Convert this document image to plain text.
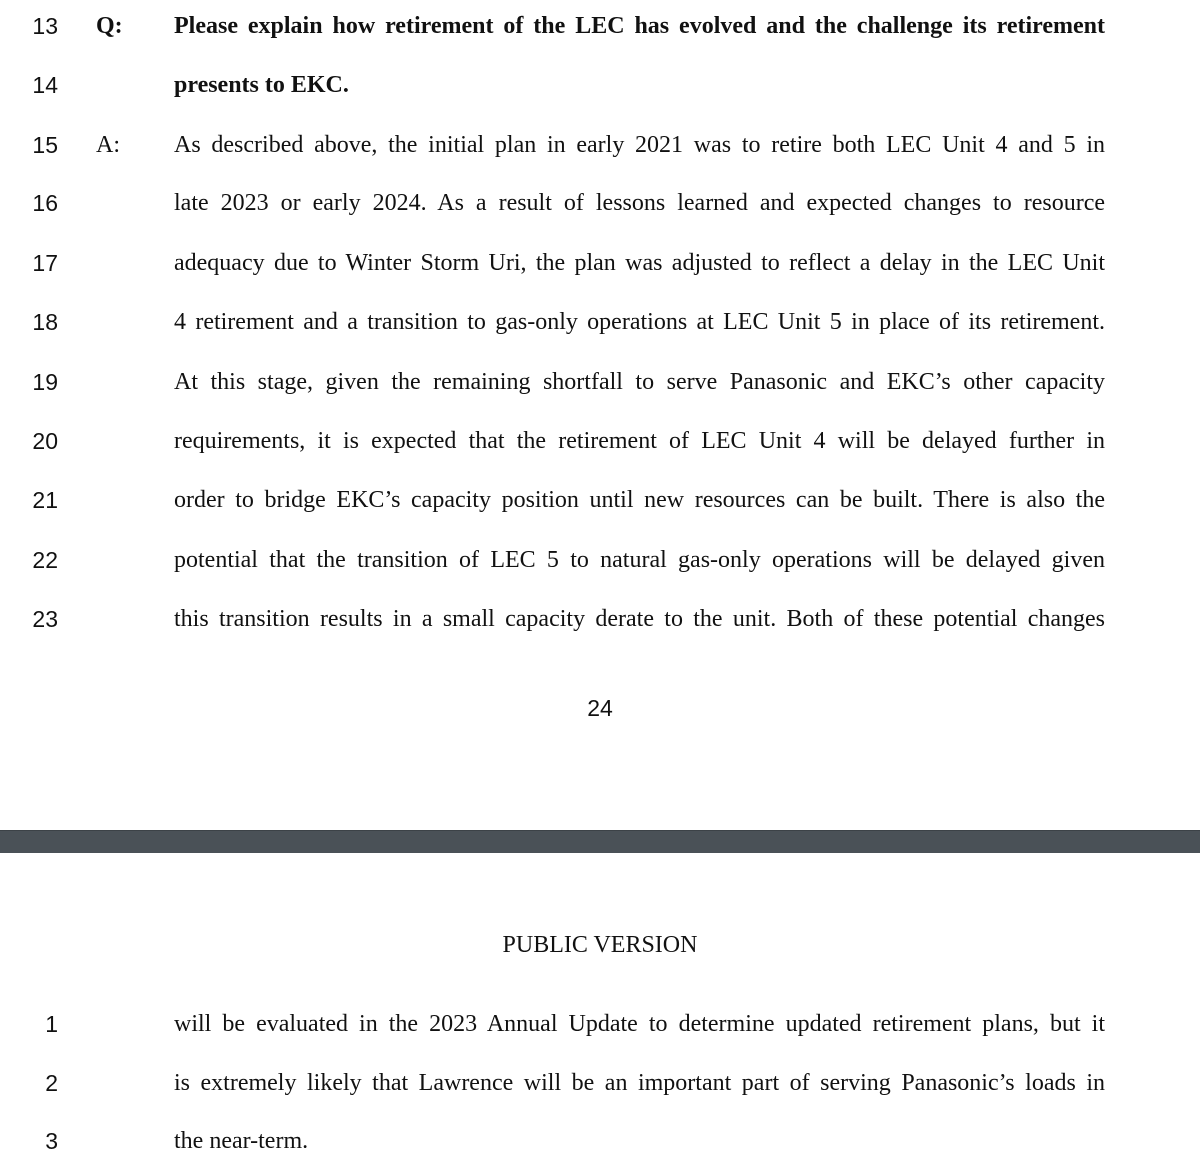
13 Q: Please explain how retirement of the LEC has evolved and the challenge its retirement
14	presents to EKC.
15 A: As described above, the initial plan in early 2021 was to retire both LEC Unit 4 and 5 in
16	late 2023 or early 2024. As a result of lessons learned and expected changes to resource
17	adequacy due to Winter Storm Uri, the plan was adjusted to reflect a delay in the LEC Unit
18	4 retirement and a transition to gas-only operations at LEC Unit 5 in place of its retirement.
19	At this stage, given the remaining shortfall to serve Panasonic and EKC’s other capacity
20	requirements, it is expected that the retirement of LEC Unit 4 will be delayed further in
21	order to bridge EKC’s capacity position until new resources can be built. There is also the
22	potential that the transition of LEC 5 to natural gas-only operations will be delayed given
23	this transition results in a small capacity derate to the unit. Both of these potential changes
24
PUBLIC VERSION
1	will be evaluated in the 2023 Annual Update to determine updated retirement plans, but it
2	is extremely likely that Lawrence will be an important part of serving Panasonic’s loads in
3	the near-term.
